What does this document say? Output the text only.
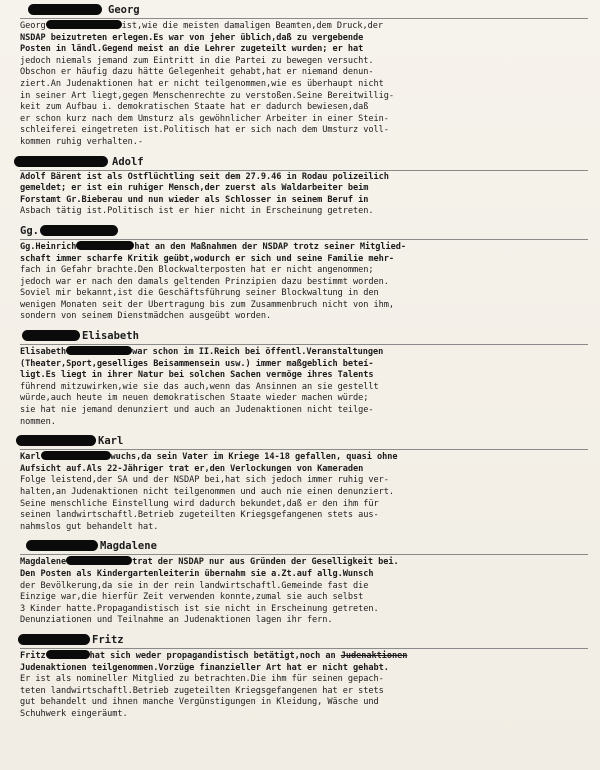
Georg
Georg	ist,wie die meisten damaligen Beamten,dem Druck,der
NSDAP beizutreten erlegen.Es war von jeher üblich,daß zu vergebende
Posten in ländl.Gegend meist an die Lehrer zugeteilt wurden; er hat
jedoch niemals jemand zum Eintritt in die Partei zu bewegen versucht.
Obschon er häufig dazu hätte Gelegenheit gehabt,hat er niemand denun-
ziert.An Judenaktionen hat er nicht teilgenommen,wie es überhaupt nicht
in seiner Art liegt,gegen Menschenrechte zu verstoßen.Seine Bereitwillig-
keit zum Aufbau i. demokratischen Staate hat er dadurch bewiesen,daß
er schon kurz nach dem Umsturz als gewöhnlicher Arbeiter in einer Stein-
schleiferei eingetreten ist.Politisch hat er sich nach dem Umsturz voll-
kommen ruhig verhalten.-
Adolf
Adolf Bärent ist als Ostflüchtling seit dem 27.9.46 in Rodau polizeilich
gemeldet; er ist ein ruhiger Mensch,der zuerst als Waldarbeiter beim
Forstamt Gr.Bieberau und nun wieder als Schlosser in seinem Beruf in
Asbach tätig ist.Politisch ist er hier nicht in Erscheinung getreten.
Gg.
Gg.Heinrich	hat an den Maßnahmen der NSDAP trotz seiner Mitglied-
schaft immer scharfe Kritik geübt,wodurch er sich und seine Familie mehr-
fach in Gefahr brachte.Den Blockwalterposten hat er nicht angenommen;
jedoch war er nach den damals geltenden Prinzipien dazu bestimmt worden.
Soviel mir bekannt,ist die Geschäftsführung seiner Blockwaltung in den
wenigen Monaten seit der Übertragung bis zum Zusammenbruch nicht von ihm,
sondern von seinem Dienstmädchen ausgeübt worden.
Elisabeth
Elisabeth	war schon im II.Reich bei öffentl.Veranstaltungen
(Theater,Sport,geselliges Beisammensein usw.) immer maßgeblich beteí-
ligt.Es liegt in ihrer Natur bei solchen Sachen vermöge ihres Talents
führend mitzuwirken,wie sie das auch,wenn das Ansinnen an sie gestellt
würde,auch heute im neuen demokratischen Staate wieder machen würde;
sie hat nie jemand denunziert und auch an Judenaktionen nicht teilge-
nommen.
Karl
Karl	wuchs,da sein Vater im Kriege 14-18 gefallen, quasi ohne
Aufsicht auf.Als 22-Jähriger trat er,den Verlockungen von Kameraden
Folge leistend,der SA und der NSDAP bei,hat sich jedoch immer ruhig ver-
halten,an Judenaktionen nicht teilgenommen und auch nie einen denunziert.
Seine menschliche Einstellung wird dadurch bekundet,daß er den ihm für
seinen landwirtschaftl.Betrieb zugeteilten Kriegsgefangenen stets aus-
nahmslos gut behandelt hat.
Magdalene
Magdalene	trat der NSDAP nur aus Gründen der Geselligkeit bei.
Den Posten als Kindergartenleiterin übernahm sie a.Zt.auf allg.Wunsch
der Bevölkerung,da sie in der rein landwirtschaftl.Gemeinde fast die
Einzige war,die hierfür Zeit verwenden konnte,zumal sie auch selbst
3 Kinder hatte.Propagandistisch ist sie nicht in Erscheinung getreten.
Denunziationen und Teilnahme an Judenaktionen lagen ihr fern.
Fritz
Fritz	hat sich weder propagandistisch betätigt,noch an Judenaktionen
Judenaktionen teilgenommen.Vorzüge finanzieller Art hat er nicht gehabt.
Er ist als nomineller Mitglied zu betrachten.Die ihm für seinen gepach-
teten landwirtschaftl.Betrieb zugeteilten Kriegsgefangenen hat er stets
gut behandelt und ihnen manche Vergünstigungen in Kleidung, Wäsche und
Schuhwerk eingeräumt.
